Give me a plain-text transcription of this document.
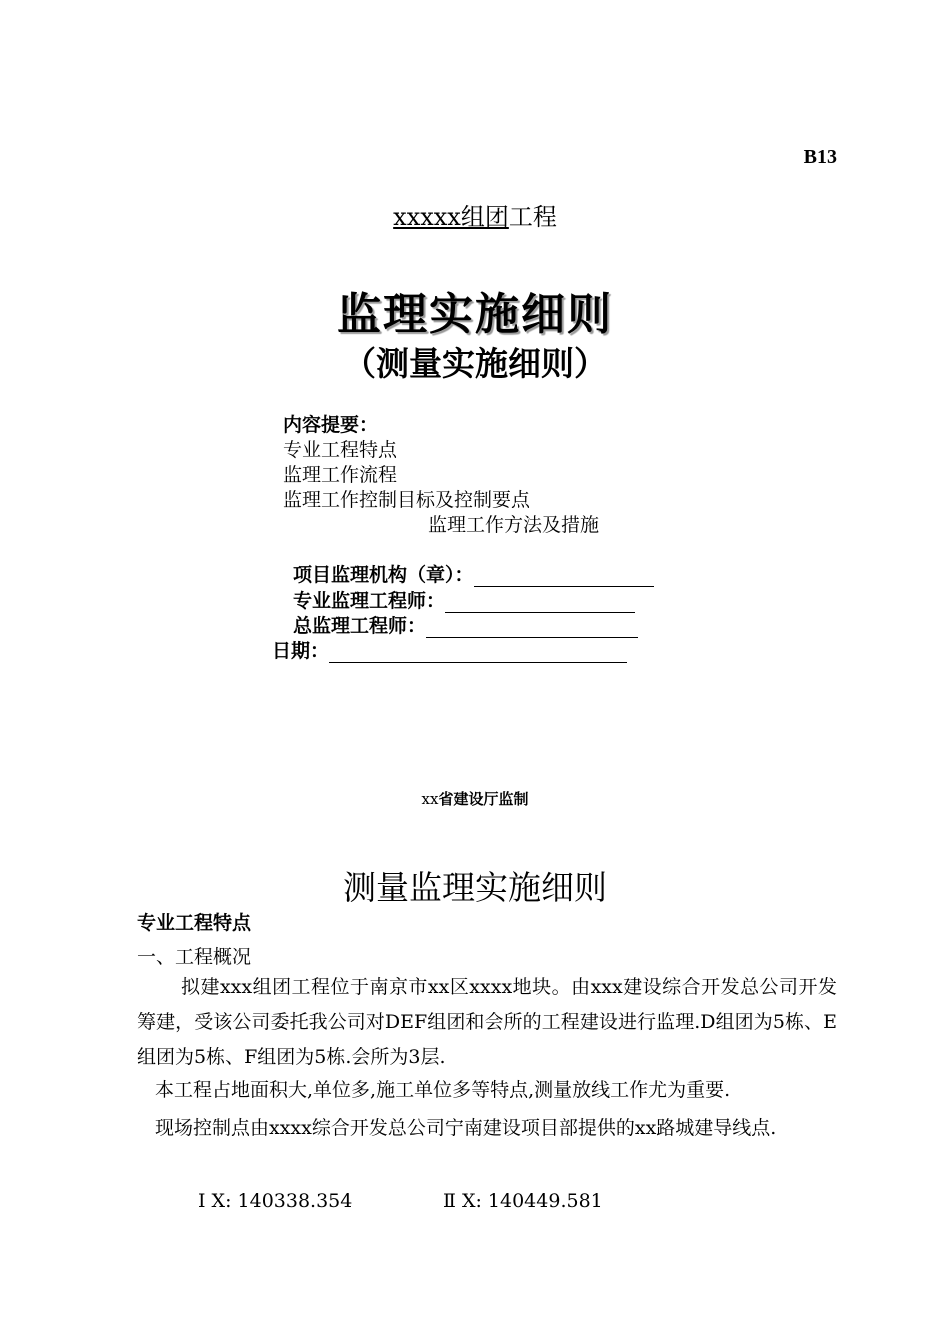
B13
xxxxx组团工程
监理实施细则
（测量实施细则）
内容提要：
专业工程特点
监理工作流程
监理工作控制目标及控制要点
监理工作方法及措施
项目监理机构（章）：
专业监理工程师：
总监理工程师：
日期：
xx省建设厅监制
测量监理实施细则
专业工程特点
一、工程概况
拟建xxx组团工程位于南京市xx区xxxx地块。由xxx建设综合开发总公司开发筹建，受该公司委托我公司对DEF组团和会所的工程建设进行监理.D组团为5栋、E组团为5栋、F组团为5栋.会所为3层.
本工程占地面积大,单位多,施工单位多等特点,测量放线工作尤为重要.
现场控制点由xxxx综合开发总公司宁南建设项目部提供的xx路城建导线点.
Ⅰ X: 140338.354	Ⅱ X: 140449.581
